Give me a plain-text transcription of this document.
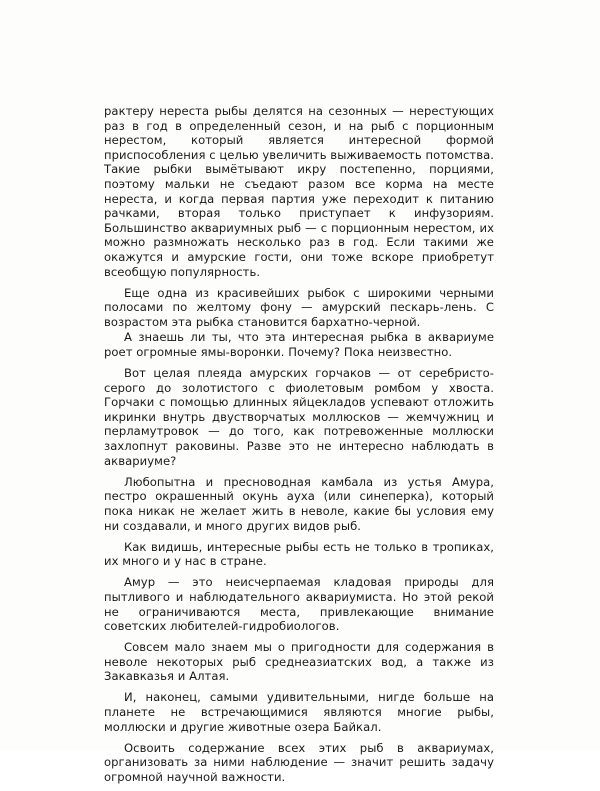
рактеру нереста рыбы делятся на сезонных — нерестующих раз в год в определенный сезон, и на рыб с порционным нерестом, который является интересной формой приспособления с целью увеличить выживаемость потомства. Такие рыбки вымётывают икру постепенно, порциями, поэтому мальки не съедают разом все корма на месте нереста, и когда первая партия уже переходит к питанию рачками, вторая только приступает к инфузориям. Большинство аквариумных рыб — с порционным нерестом, их можно размножать несколько раз в год. Если такими же окажутся и амурские гости, они тоже вскоре приобретут всеобщую популярность.

Еще одна из красивейших рыбок с широкими черными полосами по желтому фону — амурский пескарь-лень. С возрастом эта рыбка становится бархатно-черной.

А знаешь ли ты, что эта интересная рыбка в аквариуме роет огромные ямы-воронки. Почему? Пока неизвестно.

Вот целая плеяда амурских горчаков — от серебристо-серого до золотистого с фиолетовым ромбом у хвоста. Горчаки с помощью длинных яйцекладов успевают отложить икринки внутрь двустворчатых моллюсков — жемчужниц и перламутровок — до того, как потревоженные моллюски захлопнут раковины. Разве это не интересно наблюдать в аквариуме?

Любопытна и пресноводная камбала из устья Амура, пестро окрашенный окунь ауха (или синеперка), который пока никак не желает жить в неволе, какие бы условия ему ни создавали, и много других видов рыб.

Как видишь, интересные рыбы есть не только в тропиках, их много и у нас в стране.

Амур — это неисчерпаемая кладовая природы для пытливого и наблюдательного аквариумиста. Но этой рекой не ограничиваются места, привлекающие внимание советских любителей-гидробиологов.

Совсем мало знаем мы о пригодности для содержания в неволе некоторых рыб среднеазиатских вод, а также из Закавказья и Алтая.

И, наконец, самыми удивительными, нигде больше на планете не встречающимися являются многие рыбы, моллюски и другие животные озера Байкал.

Освоить содержание всех этих рыб в аквариумах, организовать за ними наблюдение — значит решить задачу огромной научной важности.
